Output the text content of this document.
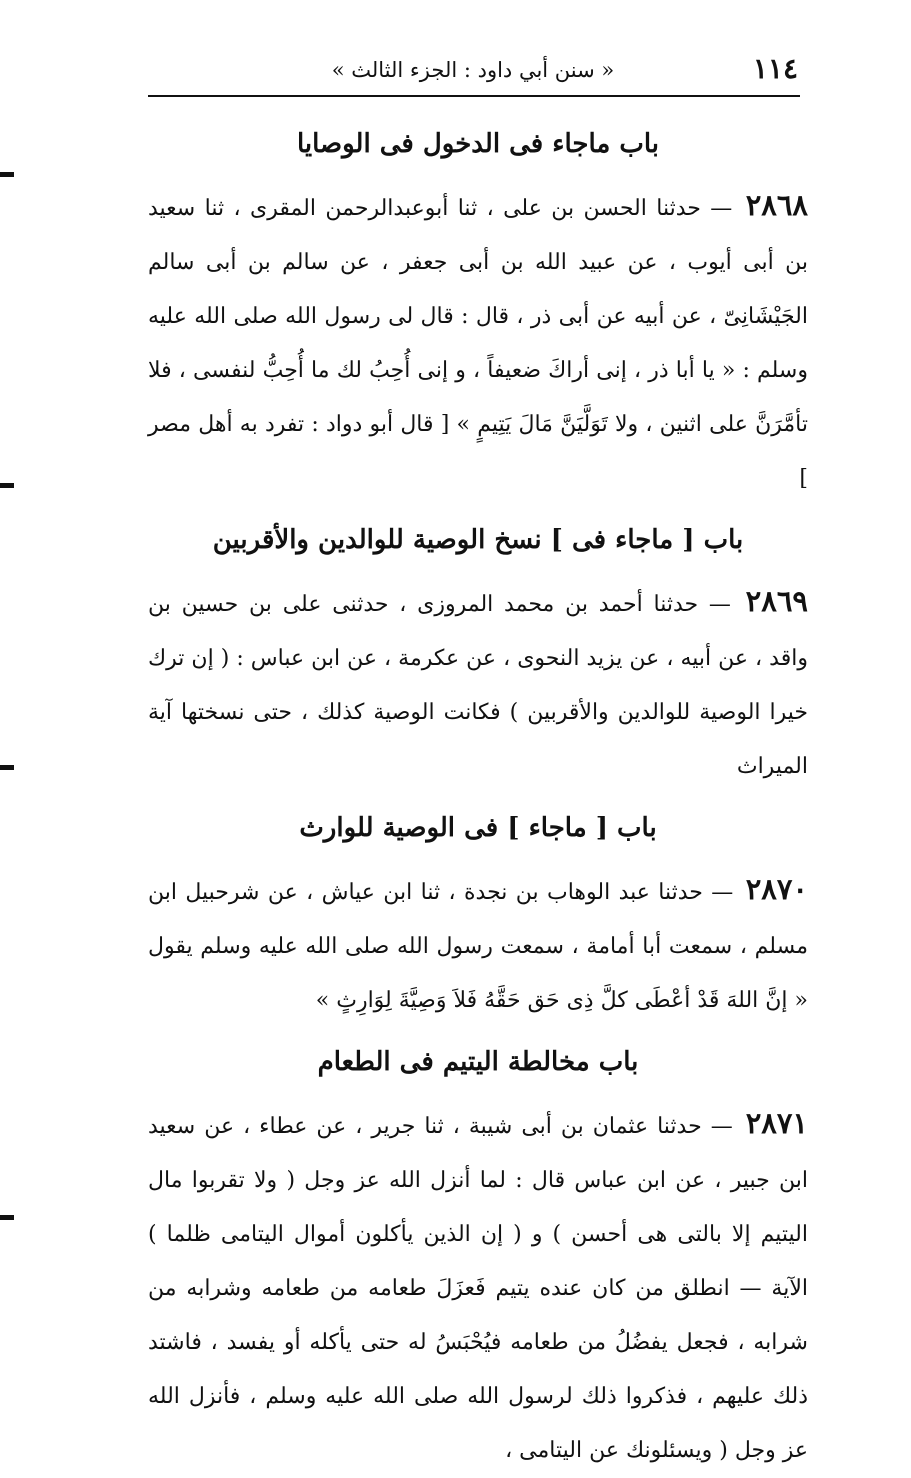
١١٤
« سنن أبي داود : الجزء الثالث »
باب ماجاء فى الدخول فى الوصايا

٢٨٦٨ — حدثنا الحسن بن على ، ثنا أبوعبدالرحمن المقرى ، ثنا سعيد بن أبى أيوب ، عن عبيد الله بن أبى جعفر ، عن سالم بن أبى سالم الجَيْشَانِىّ ، عن أبيه عن أبى ذر ، قال : قال لى رسول الله صلى الله عليه وسلم : « يا أبا ذر ، إنى أراكَ ضعيفاً ، و إنى أُحِبُ لك ما أُحِبُّ لنفسى ، فلا تأمَّرَنَّ على اثنين ، ولا تَوَلَّيَنَّ مَالَ يَتِيمٍ » [ قال أبو دواد : تفرد به أهل مصر ]

باب [ ماجاء فى ] نسخ الوصية للوالدين والأقربين

٢٨٦٩ — حدثنا أحمد بن محمد المروزى ، حدثنى على بن حسين بن واقد ، عن أبيه ، عن يزيد النحوى ، عن عكرمة ، عن ابن عباس : ( إن ترك خيرا الوصية للوالدين والأقربين ) فكانت الوصية كذلك ، حتى نسختها آية الميراث

باب [ ماجاء ] فى الوصية للوارث

٢٨٧٠ — حدثنا عبد الوهاب بن نجدة ، ثنا ابن عياش ، عن شرحبيل ابن مسلم ، سمعت أبا أمامة ، سمعت رسول الله صلى الله عليه وسلم يقول « إنَّ اللهَ قَدْ أعْطَى كلَّ ذِى حَق حَقَّهُ فَلاَ وَصِيَّةَ لِوَارِثٍ »

باب مخالطة اليتيم فى الطعام

٢٨٧١ — حدثنا عثمان بن أبى شيبة ، ثنا جرير ، عن عطاء ، عن سعيد ابن جبير ، عن ابن عباس قال : لما أنزل الله عز وجل ( ولا تقربوا مال اليتيم إلا بالتى هى أحسن ) و ( إن الذين يأكلون أموال اليتامى ظلما ) الآية — انطلق من كان عنده يتيم فَعزَلَ طعامه من طعامه وشرابه من شرابه ، فجعل يفضُلُ من طعامه فيُحْبَسُ له حتى يأكله أو يفسد ، فاشتد ذلك عليهم ، فذكروا ذلك لرسول الله صلى الله عليه وسلم ، فأنزل الله عز وجل ( ويسئلونك عن اليتامى ،
